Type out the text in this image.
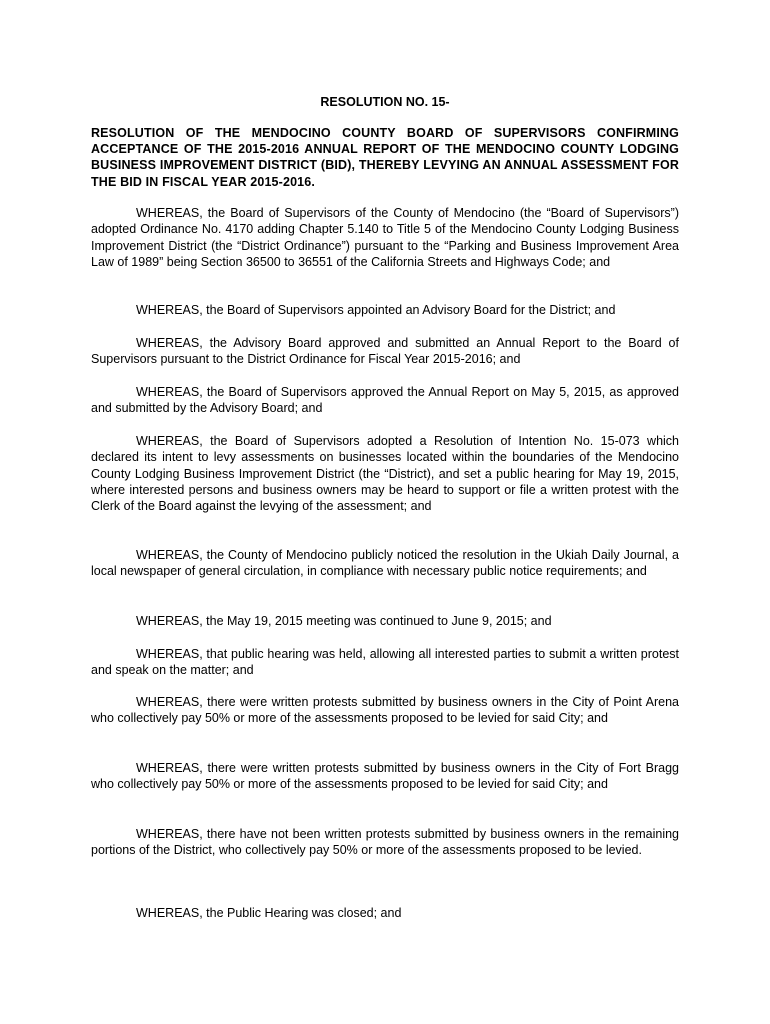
RESOLUTION NO. 15-
RESOLUTION OF THE MENDOCINO COUNTY BOARD OF SUPERVISORS CONFIRMING ACCEPTANCE OF THE 2015-2016 ANNUAL REPORT OF THE MENDOCINO COUNTY LODGING BUSINESS IMPROVEMENT DISTRICT (BID), THEREBY LEVYING AN ANNUAL ASSESSMENT FOR THE BID IN FISCAL YEAR 2015-2016.

WHEREAS, the Board of Supervisors of the County of Mendocino (the “Board of Supervisors”) adopted Ordinance No. 4170 adding Chapter 5.140 to Title 5 of the Mendocino County Lodging Business Improvement District (the “District Ordinance”) pursuant to the “Parking and Business Improvement Area Law of 1989” being Section 36500 to 36551 of the California Streets and Highways Code; and

WHEREAS, the Board of Supervisors appointed an Advisory Board for the District; and

WHEREAS, the Advisory Board approved and submitted an Annual Report to the Board of Supervisors pursuant to the District Ordinance for Fiscal Year 2015-2016; and

WHEREAS, the Board of Supervisors approved the Annual Report on May 5, 2015, as approved and submitted by the Advisory Board; and

WHEREAS, the Board of Supervisors adopted a Resolution of Intention No. 15-073 which declared its intent to levy assessments on businesses located within the boundaries of the Mendocino County Lodging Business Improvement District (the “District), and set a public hearing for May 19, 2015, where interested persons and business owners may be heard to support or file a written protest with the Clerk of the Board against the levying of the assessment; and

WHEREAS, the County of Mendocino publicly noticed the resolution in the Ukiah Daily Journal, a local newspaper of general circulation, in compliance with necessary public notice requirements; and

WHEREAS, the May 19, 2015 meeting was continued to June 9, 2015; and

WHEREAS, that public hearing was held, allowing all interested parties to submit a written protest and speak on the matter; and

WHEREAS, there were written protests submitted by business owners in the City of Point Arena who collectively pay 50% or more of the assessments proposed to be levied for said City; and

WHEREAS, there were written protests submitted by business owners in the City of Fort Bragg who collectively pay 50% or more of the assessments proposed to be levied for said City; and

WHEREAS, there have not been written protests submitted by business owners in the remaining portions of the District, who collectively pay 50% or more of the assessments proposed to be levied.

WHEREAS, the Public Hearing was closed; and
